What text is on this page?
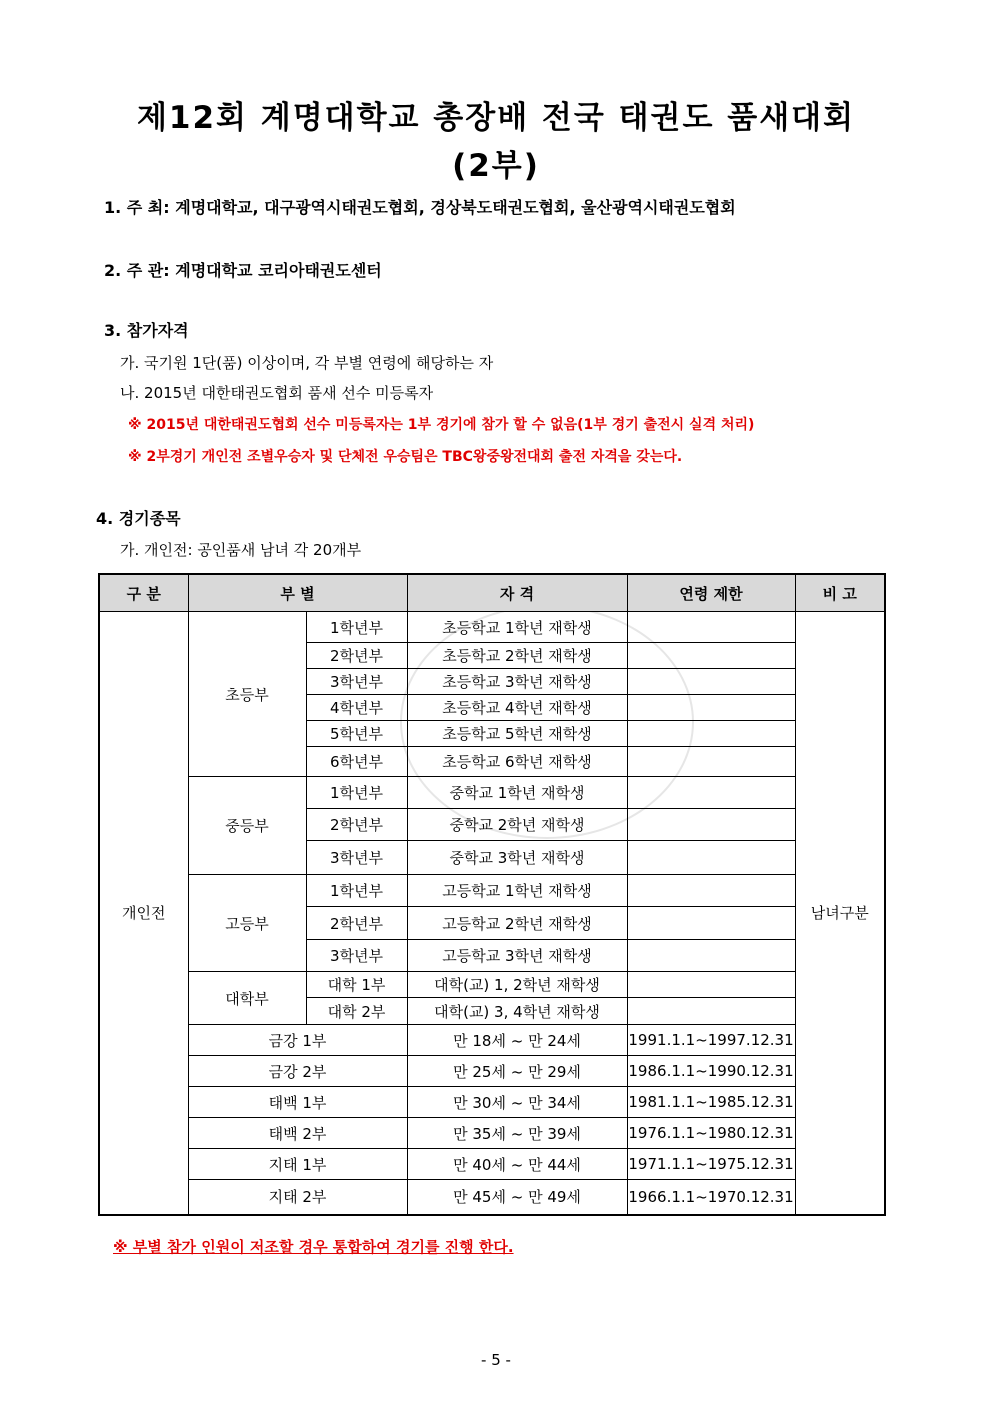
제12회 계명대학교 총장배 전국 태권도 품새대회
(2부)
1. 주 최: 계명대학교, 대구광역시태권도협회, 경상북도태권도협회, 울산광역시태권도협회
2. 주 관: 계명대학교 코리아태권도센터
3. 참가자격
가. 국기원 1단(품) 이상이며, 각 부별 연령에 해당하는 자
나. 2015년 대한태권도협회 품새 선수 미등록자
※ 2015년 대한태권도협회 선수 미등록자는 1부 경기에 참가 할 수 없음(1부 경기 출전시 실격 처리)
※ 2부경기 개인전 조별우승자 및 단체전 우승팀은 TBC왕중왕전대회 출전 자격을 갖는다.
4. 경기종목
가. 개인전: 공인품새 남녀 각 20개부
구 분	부 별		자 격	연령 제한	비 고
개인전	초등부	1학년부	초등학교 1학년 재학생		남녀구분
		2학년부	초등학교 2학년 재학생		
		3학년부	초등학교 3학년 재학생		
		4학년부	초등학교 4학년 재학생		
		5학년부	초등학교 5학년 재학생		
		6학년부	초등학교 6학년 재학생		
	중등부	1학년부	중학교 1학년 재학생		
		2학년부	중학교 2학년 재학생		
		3학년부	중학교 3학년 재학생		
	고등부	1학년부	고등학교 1학년 재학생		
		2학년부	고등학교 2학년 재학생		
		3학년부	고등학교 3학년 재학생		
	대학부	대학 1부	대학(교) 1, 2학년 재학생		
		대학 2부	대학(교) 3, 4학년 재학생		
	금강 1부		만 18세 ~ 만 24세	1991.1.1~1997.12.31	
	금강 2부		만 25세 ~ 만 29세	1986.1.1~1990.12.31	
	태백 1부		만 30세 ~ 만 34세	1981.1.1~1985.12.31	
	태백 2부		만 35세 ~ 만 39세	1976.1.1~1980.12.31	
	지태 1부		만 40세 ~ 만 44세	1971.1.1~1975.12.31	
	지태 2부		만 45세 ~ 만 49세	1966.1.1~1970.12.31	
※ 부별 참가 인원이 저조할 경우 통합하여 경기를 진행 한다.
- 5 -
